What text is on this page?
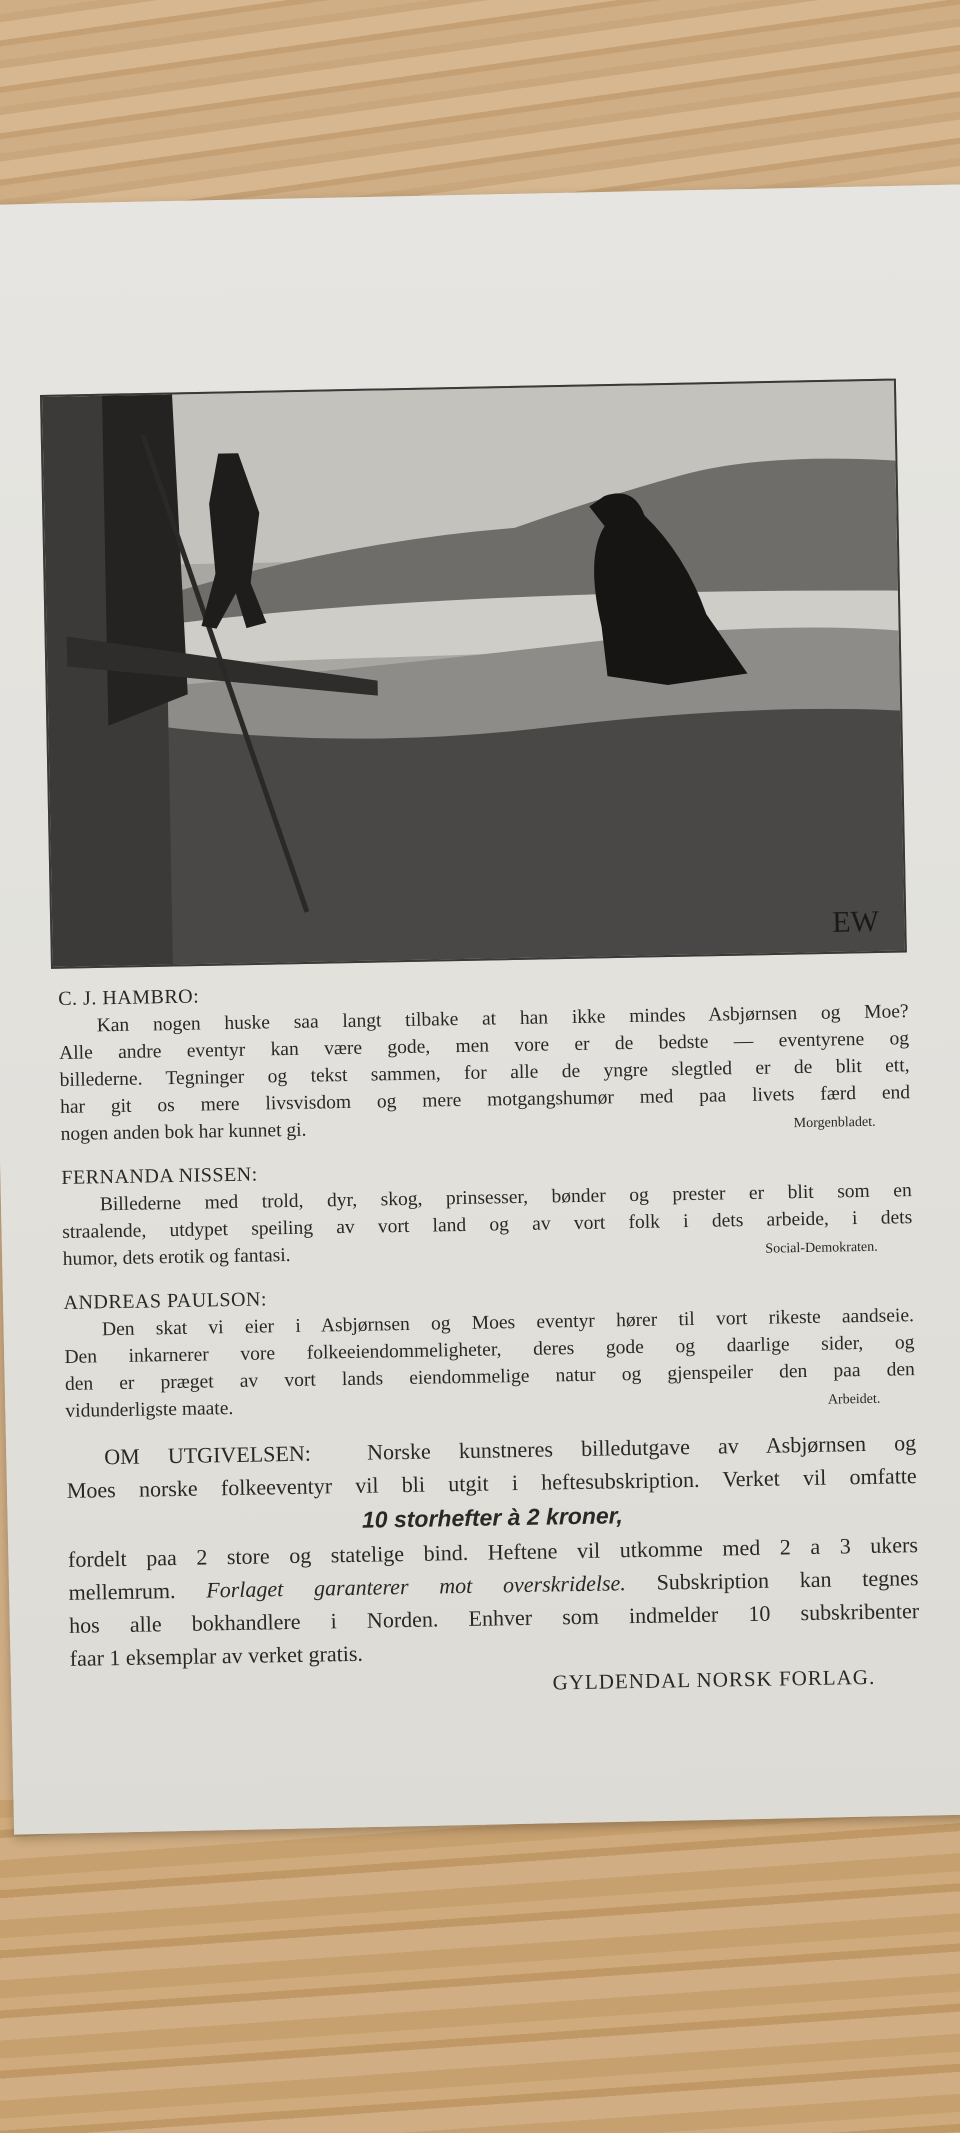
EW

C. J. HAMBRO:

Kan nogen huske saa langt tilbake at han ikke mindes Asbjørnsen og Moe?
Alle andre eventyr kan være gode, men vore er de bedste — eventyrene og
billederne. Tegninger og tekst sammen, for alle de yngre slegtled er de blit ett,
har git os mere livsvisdom og mere motgangshumør med paa livets færd end
nogen anden bok har kunnet gi.	Morgenbladet.

FERNANDA NISSEN:

Billederne med trold, dyr, skog, prinsesser, bønder og prester er blit som en
straalende, utdypet speiling av vort land og av vort folk i dets arbeide, i dets
humor, dets erotik og fantasi.	Social-Demokraten.

ANDREAS PAULSON:

Den skat vi eier i Asbjørnsen og Moes eventyr hører til vort rikeste aandseie.
Den inkarnerer vore folkeeiendommeligheter, deres gode og daarlige sider, og
den er præget av vort lands eiendommelige natur og gjenspeiler den paa den
vidunderligste maate.	Arbeidet.
OM UTGIVELSEN:	Norske kunstneres billedutgave av Asbjørnsen og
Moes norske folkeeventyr vil bli utgit i heftesubskription. Verket vil omfatte
10 storhefter à 2 kroner,
fordelt paa 2 store og statelige bind. Heftene vil utkomme med 2 a 3 ukers
mellemrum. Forlaget garanterer mot overskridelse. Subskription kan tegnes
hos alle bokhandlere i Norden. Enhver som indmelder 10 subskribenter
faar 1 eksemplar av verket gratis.
GYLDENDAL NORSK FORLAG.
